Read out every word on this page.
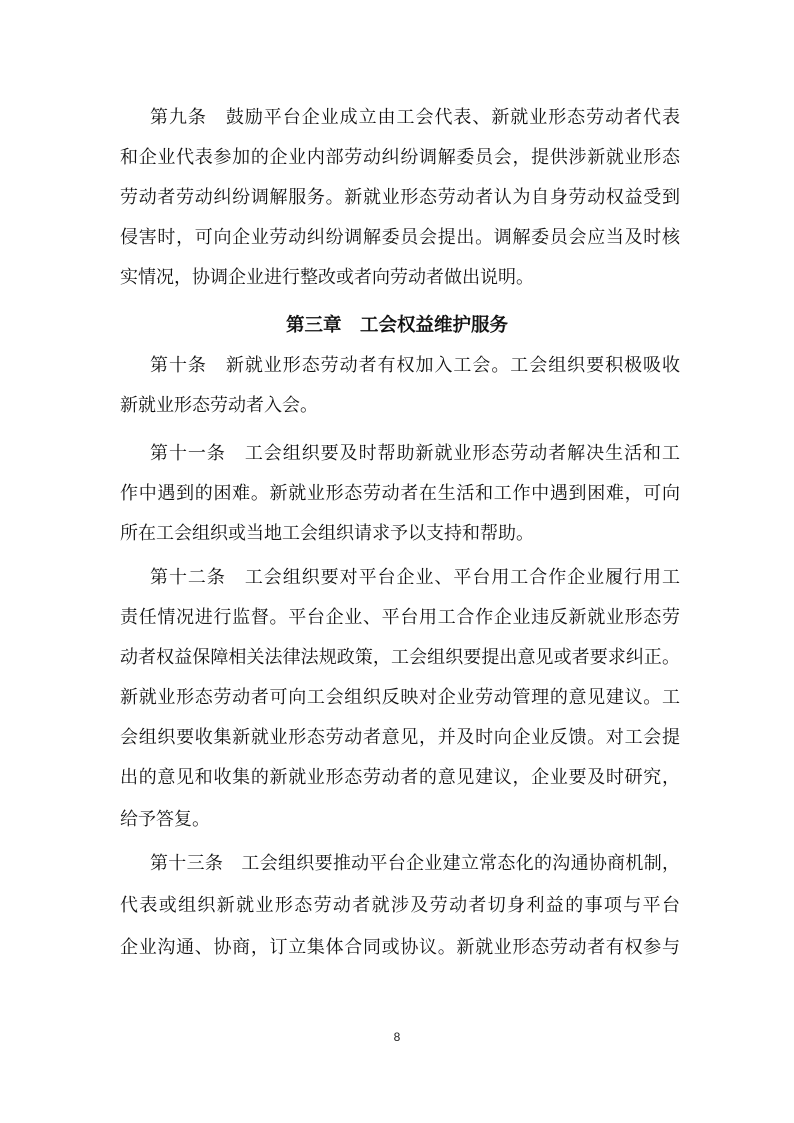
第九条　鼓励平台企业成立由工会代表、新就业形态劳动者代表
和企业代表参加的企业内部劳动纠纷调解委员会，提供涉新就业形态
劳动者劳动纠纷调解服务。新就业形态劳动者认为自身劳动权益受到
侵害时，可向企业劳动纠纷调解委员会提出。调解委员会应当及时核
实情况，协调企业进行整改或者向劳动者做出说明。
第三章　工会权益维护服务
第十条　新就业形态劳动者有权加入工会。工会组织要积极吸收
新就业形态劳动者入会。
第十一条　工会组织要及时帮助新就业形态劳动者解决生活和工
作中遇到的困难。新就业形态劳动者在生活和工作中遇到困难，可向
所在工会组织或当地工会组织请求予以支持和帮助。
第十二条　工会组织要对平台企业、平台用工合作企业履行用工
责任情况进行监督。平台企业、平台用工合作企业违反新就业形态劳
动者权益保障相关法律法规政策，工会组织要提出意见或者要求纠正。
新就业形态劳动者可向工会组织反映对企业劳动管理的意见建议。工
会组织要收集新就业形态劳动者意见，并及时向企业反馈。对工会提
出的意见和收集的新就业形态劳动者的意见建议，企业要及时研究，
给予答复。
第十三条　工会组织要推动平台企业建立常态化的沟通协商机制，
代表或组织新就业形态劳动者就涉及劳动者切身利益的事项与平台
企业沟通、协商，订立集体合同或协议。新就业形态劳动者有权参与
8
